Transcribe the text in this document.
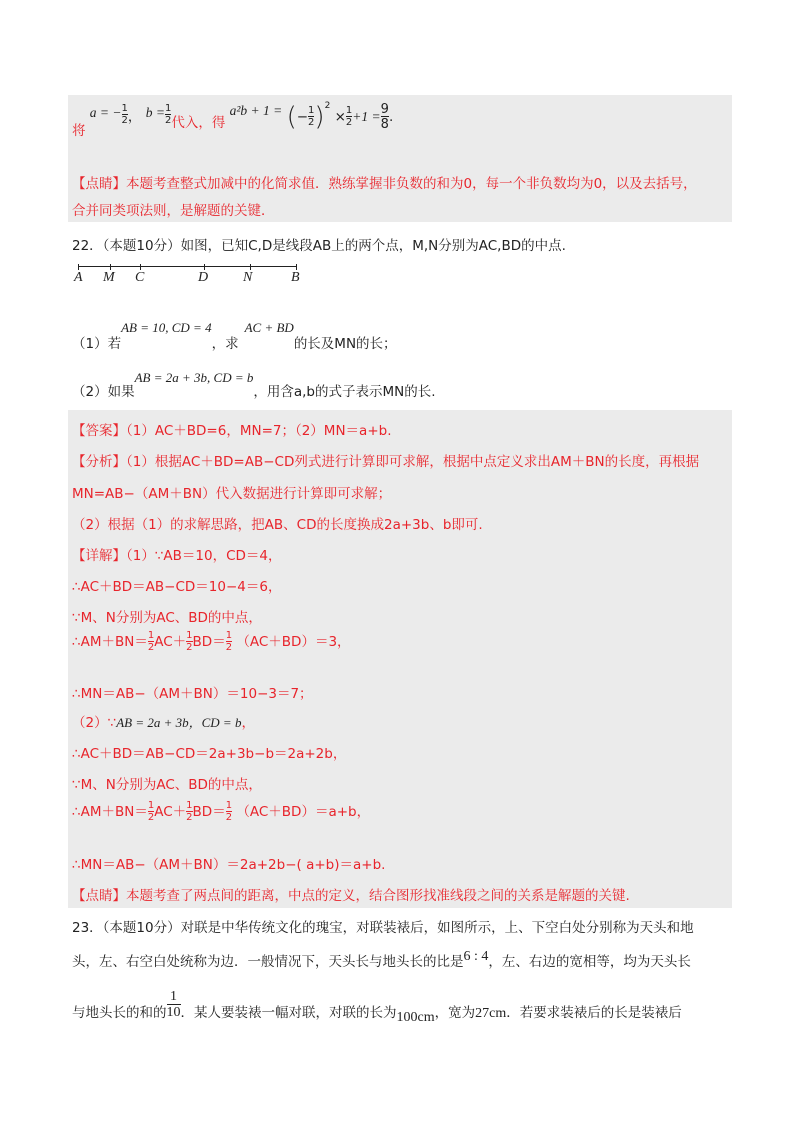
将 a = − $\frac{1}{2}$ ， $b = \frac{1}{2}$ 代入，得 a²b + 1 = (− $\frac{1}{2} )^2 \times \frac{1}{2} +1 = \frac{9}{8}$ .
【点睛】本题考查整式加减中的化简求值．熟练掌握非负数的和为0，每一个非负数均为0，以及去括号，
合并同类项法则，是解题的关键．
22．（本题10分）如图，已知C,D是线段AB上的两个点，M,N分别为AC,BD的中点.
A M C	D N	B
（1）若AB = 10, CD = 4，求AC + BD的长及MN的长；
（2）如果AB = 2a + 3b, CD = b，用含a,b的式子表示MN的长.
【答案】（1）AC＋BD=6，MN=7；（2）MN＝a+b.
【分析】（1）根据AC＋BD=AB−CD列式进行计算即可求解，根据中点定义求出AM＋BN的长度，再根据
MN=AB−（AM＋BN）代入数据进行计算即可求解；
（2）根据（1）的求解思路，把AB、CD的长度换成2a+3b、b即可.
【详解】（1）∵AB＝10，CD＝4，
∴AC＋BD＝AB−CD＝10−4＝6，
∵M、N分别为AC、BD的中点，
∴AM＋BN＝ $\frac{1}{2} AC+ \frac{1}{2} BD= \frac{1}{2} (AC+BD)=3$，
∴MN＝AB−（AM＋BN）＝10−3＝7；
（2）∵AB = 2a + 3b，CD = b，
∴AC＋BD＝AB−CD＝2a+3b−b＝2a+2b，
∵M、N分别为AC、BD的中点，
∴AM＋BN＝ $\frac{1}{2} AC+ \frac{1}{2} BD= \frac{1}{2} (AC+BD)=a+b$，
∴MN＝AB−（AM＋BN）＝2a+2b−( a+b)＝a+b.
【点睛】本题考查了两点间的距离，中点的定义，结合图形找准线段之间的关系是解题的关键.
23．（本题10分）对联是中华传统文化的瑰宝，对联装裱后，如图所示，上、下空白处分别称为天头和地
头，左、右空白处统称为边．一般情况下，天头长与地头长的比是6 : 4，左、右边的宽相等，均为天头长
与地头长的和的 $\frac{1}{10}$ ．某人要装裱一幅对联，对联的长为100cm，宽为27cm．若要求装裱后的长是装裱后
